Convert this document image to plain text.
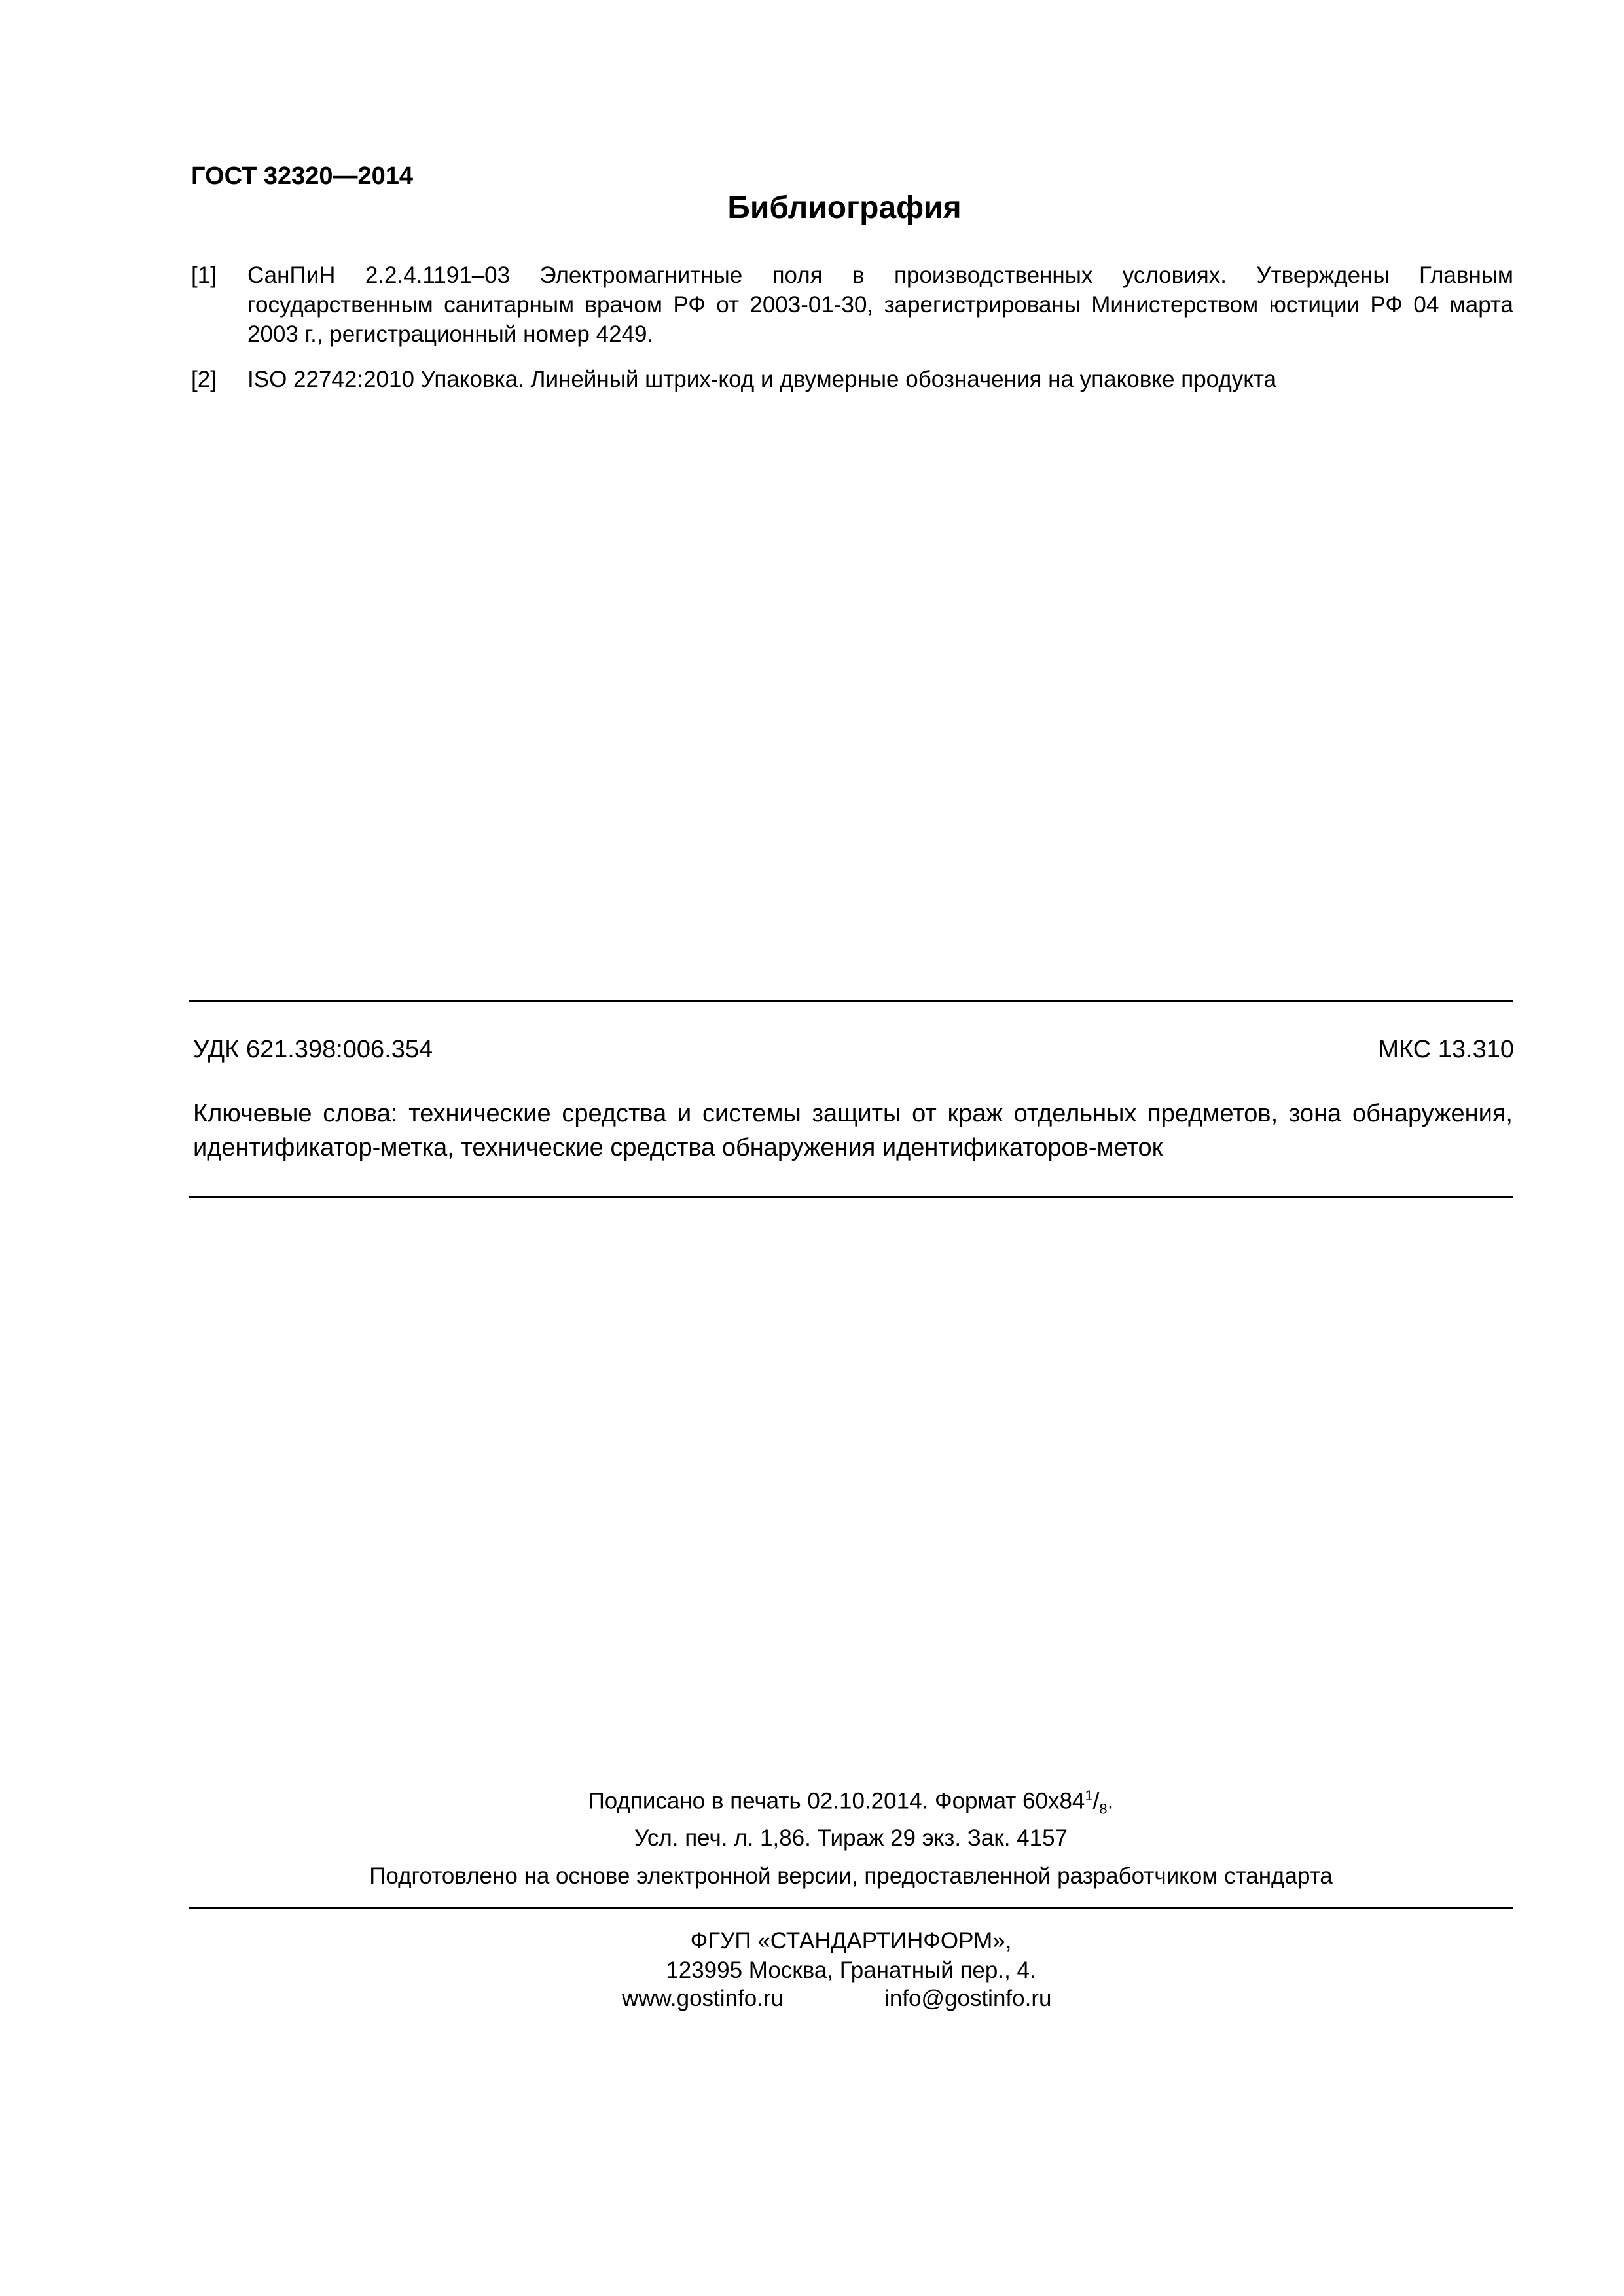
ГОСТ 32320—2014
Библиография
[1] СанПиН 2.2.4.1191–03 Электромагнитные поля в производственных условиях. Утверждены Главным государственным санитарным врачом РФ от 2003-01-30, зарегистрированы Министерством юстиции РФ 04 марта 2003 г., регистрационный номер 4249.
[2] ISO 22742:2010 Упаковка. Линейный штрих-код и двумерные обозначения на упаковке продукта
УДК 621.398:006.354	МКС 13.310
Ключевые слова: технические средства и системы защиты от краж отдельных предметов, зона обнаружения, идентификатор-метка, технические средства обнаружения идентификаторов-меток
Подписано в печать 02.10.2014. Формат $60x84^1/_8$.
Усл. печ. л. 1,86. Тираж 29 экз. Зак. 4157
Подготовлено на основе электронной версии, предоставленной разработчиком стандарта
ФГУП «СТАНДАРТИНФОРМ»,
123995 Москва, Гранатный пер., 4.
www.gostinfo.ru	info@gostinfo.ru
